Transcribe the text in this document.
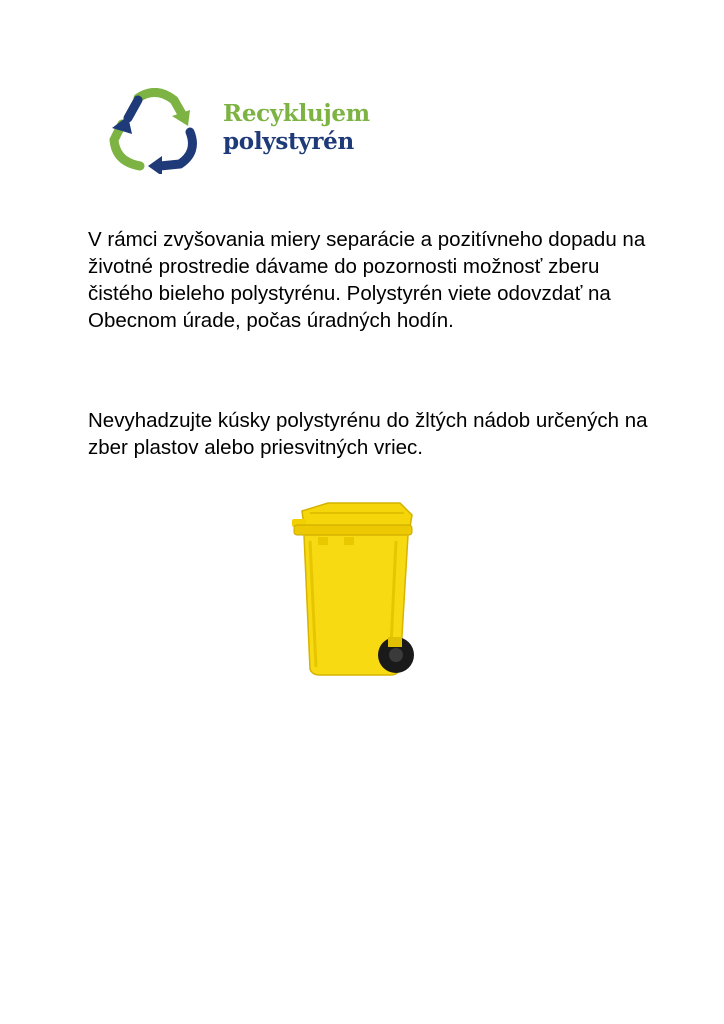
Recyklujem
polystyrén

V rámci zvyšovania miery separácie a pozitívneho dopadu na životné prostredie dávame do pozornosti možnosť zberu čistého bieleho polystyrénu. Polystyrén viete odovzdať na Obecnom úrade, počas úradných hodín.

Nevyhadzujte kúsky polystyrénu do žltých nádob určených na zber plastov alebo priesvitných vriec.
